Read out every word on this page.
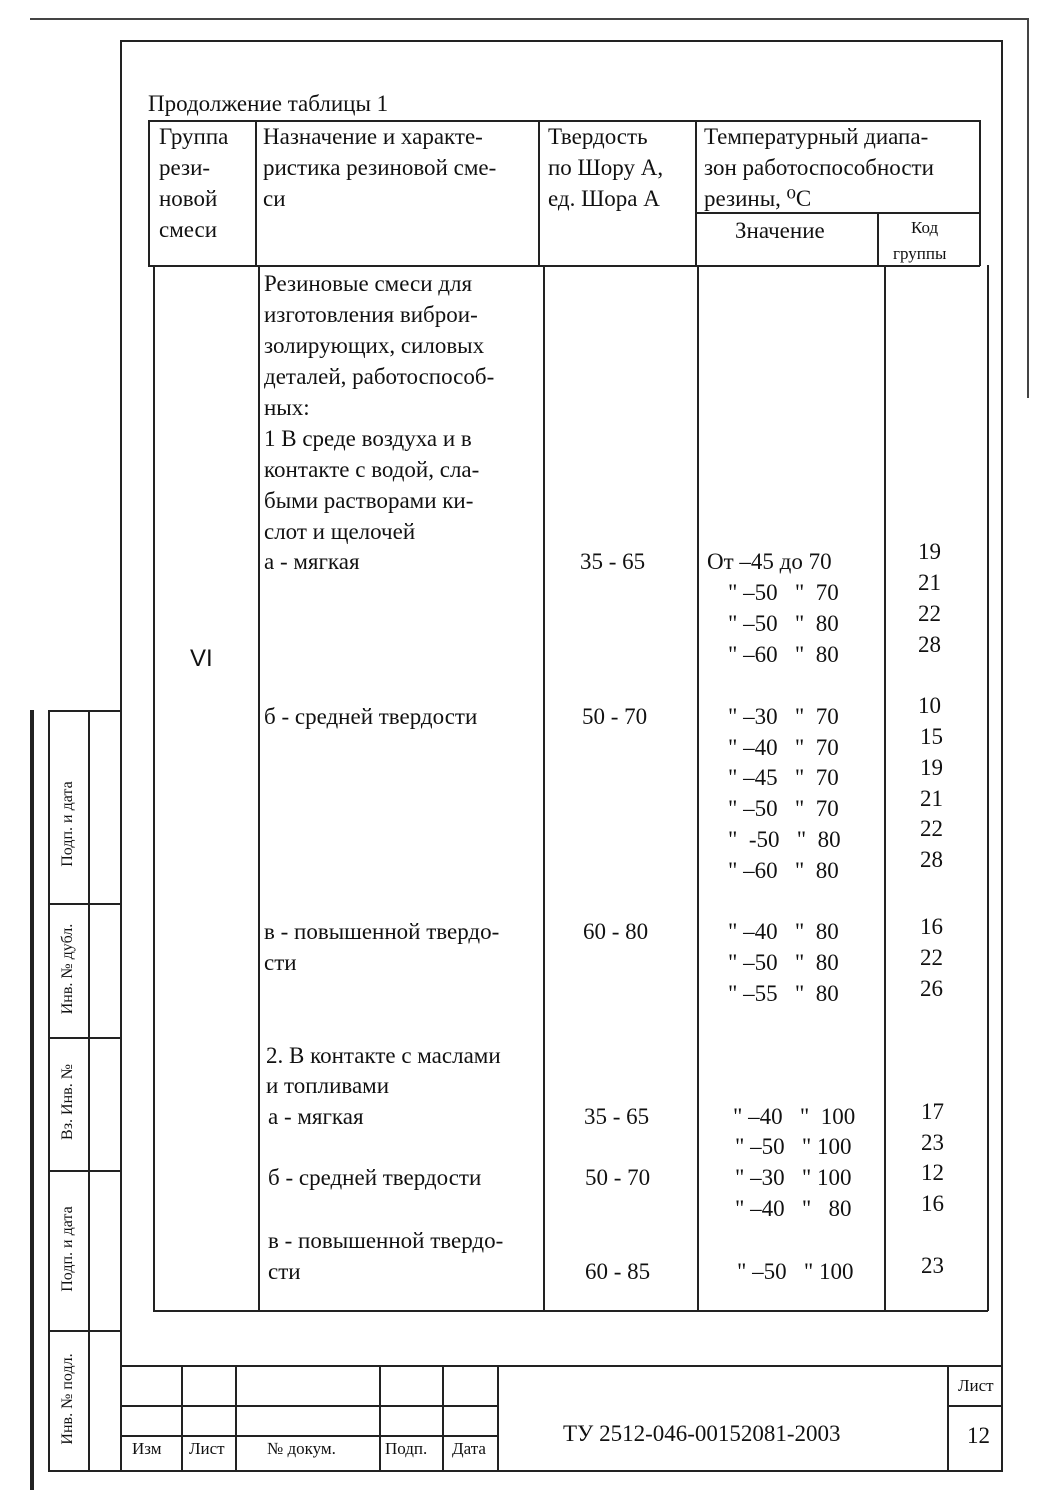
Продолжение таблицы 1
Группа
рези-
новой
смеси
Назначение и характе-
ристика резиновой сме-
си
Твердость
по Шору А,
ед. Шора А
Температурный диапа-
зон работоспособности
резины, ⁰С
Значение	Код
группы
VI
Резиновые смеси для
изготовления виброи-
золирующих, силовых
деталей, работоспособ-
ных:
1 В среде воздуха и в
контакте с водой, сла-
быми растворами ки-
слот и щелочей
а - мягкая
б - средней твердости
в - повышенной твердо-
сти
2. В контакте с маслами
и топливами
а - мягкая
б - средней твердости
в - повышенной твердо-
сти
35 - 65
50 - 70
60 - 80
35 - 65
50 - 70
60 - 85
От –45 до 70
" –50   "  70
" –50   "  80
" –60   "  80
" –30   "  70
" –40   "  70
" –45   "  70
" –50   "  70
"  -50   "  80
" –60   "  80
" –40   "  80
" –50   "  80
" –55   "  80
" –40   "  100
" –50   " 100
" –30   " 100
" –40   "   80
" –50   " 100
19
21
22
28
10
15
19
21
22
28
16
22
26
17
23
12
16
23
Изм Лист № докум.	Подп. Дата
ТУ 2512-046-00152081-2003
Лист
12
Инв. № подл.
Подп. и дата
Вз. Инв. №
Инв. № дубл.
Подп. и дата
